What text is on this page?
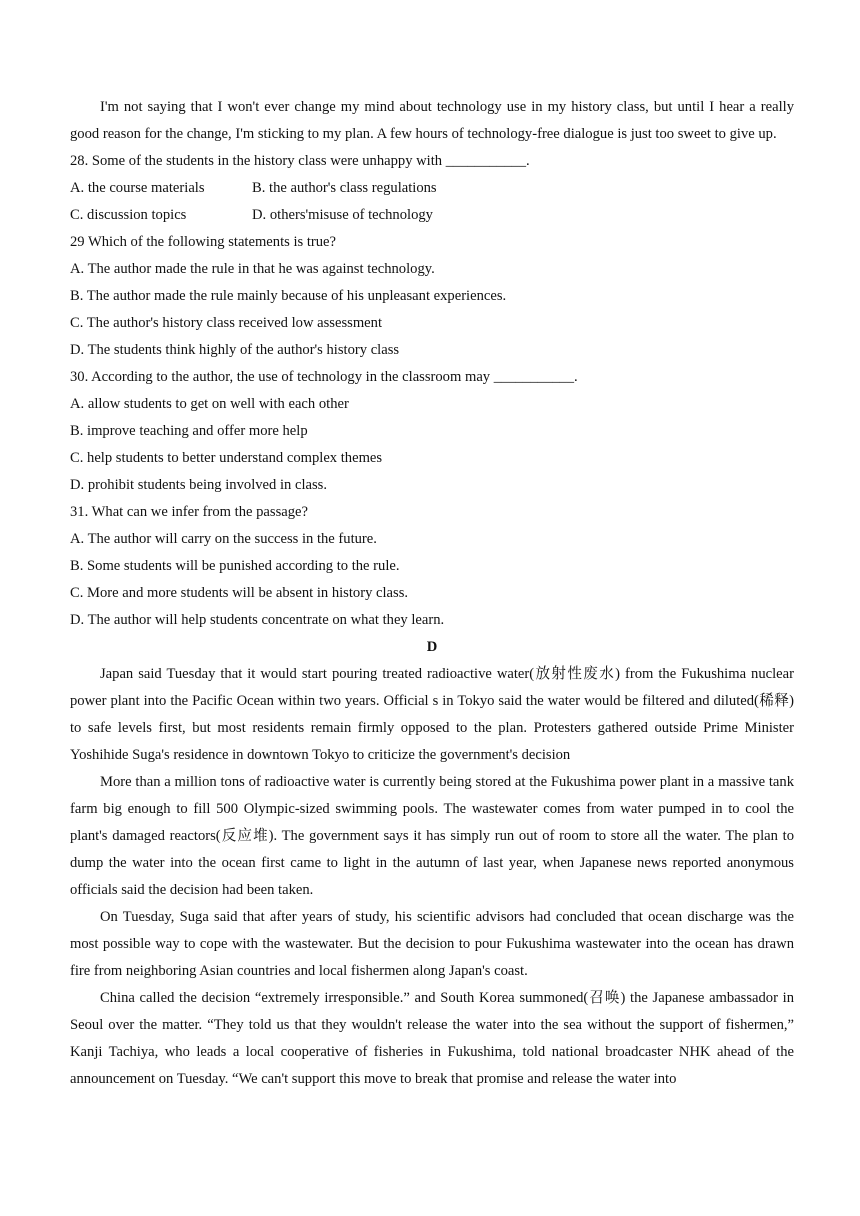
I'm not saying that I won't ever change my mind about technology use in my history class, but until I hear a really good reason for the change, I'm sticking to my plan. A few hours of technology-free dialogue is just too sweet to give up.

28. Some of the students in the history class were unhappy with ___________.

A. the course materials	B. the author's class regulations
C. discussion topics	D. others'misuse of technology

29 Which of the following statements is true?

A. The author made the rule in that he was against technology.

B. The author made the rule mainly because of his unpleasant experiences.

C. The author's history class received low assessment

D. The students think highly of the author's history class

30. According to the author, the use of technology in the classroom may ___________.

A. allow students to get on well with each other

B. improve teaching and offer more help

C. help students to better understand complex themes

D. prohibit students being involved in class.

31. What can we infer from the passage?

A. The author will carry on the success in the future.

B. Some students will be punished according to the rule.

C. More and more students will be absent in history class.

D. The author will help students concentrate on what they learn.

D

Japan said Tuesday that it would start pouring treated radioactive water(放射性废水) from the Fukushima nuclear power plant into the Pacific Ocean within two years. Official s in Tokyo said the water would be filtered and diluted(稀释) to safe levels first, but most residents remain firmly opposed to the plan. Protesters gathered outside Prime Minister Yoshihide Suga's residence in downtown Tokyo to criticize the government's decision

More than a million tons of radioactive water is currently being stored at the Fukushima power plant in a massive tank farm big enough to fill 500 Olympic-sized swimming pools. The wastewater comes from water pumped in to cool the plant's damaged reactors(反应堆). The government says it has simply run out of room to store all the water. The plan to dump the water into the ocean first came to light in the autumn of last year, when Japanese news reported anonymous officials said the decision had been taken.

On Tuesday, Suga said that after years of study, his scientific advisors had concluded that ocean discharge was the most possible way to cope with the wastewater. But the decision to pour Fukushima wastewater into the ocean has drawn fire from neighboring Asian countries and local fishermen along Japan's coast.

China called the decision “extremely irresponsible.” and South Korea summoned(召唤) the Japanese ambassador in Seoul over the matter. “They told us that they wouldn't release the water into the sea without the support of fishermen,” Kanji Tachiya, who leads a local cooperative of fisheries in Fukushima, told national broadcaster NHK ahead of the announcement on Tuesday. “We can't support this move to break that promise and release the water into
